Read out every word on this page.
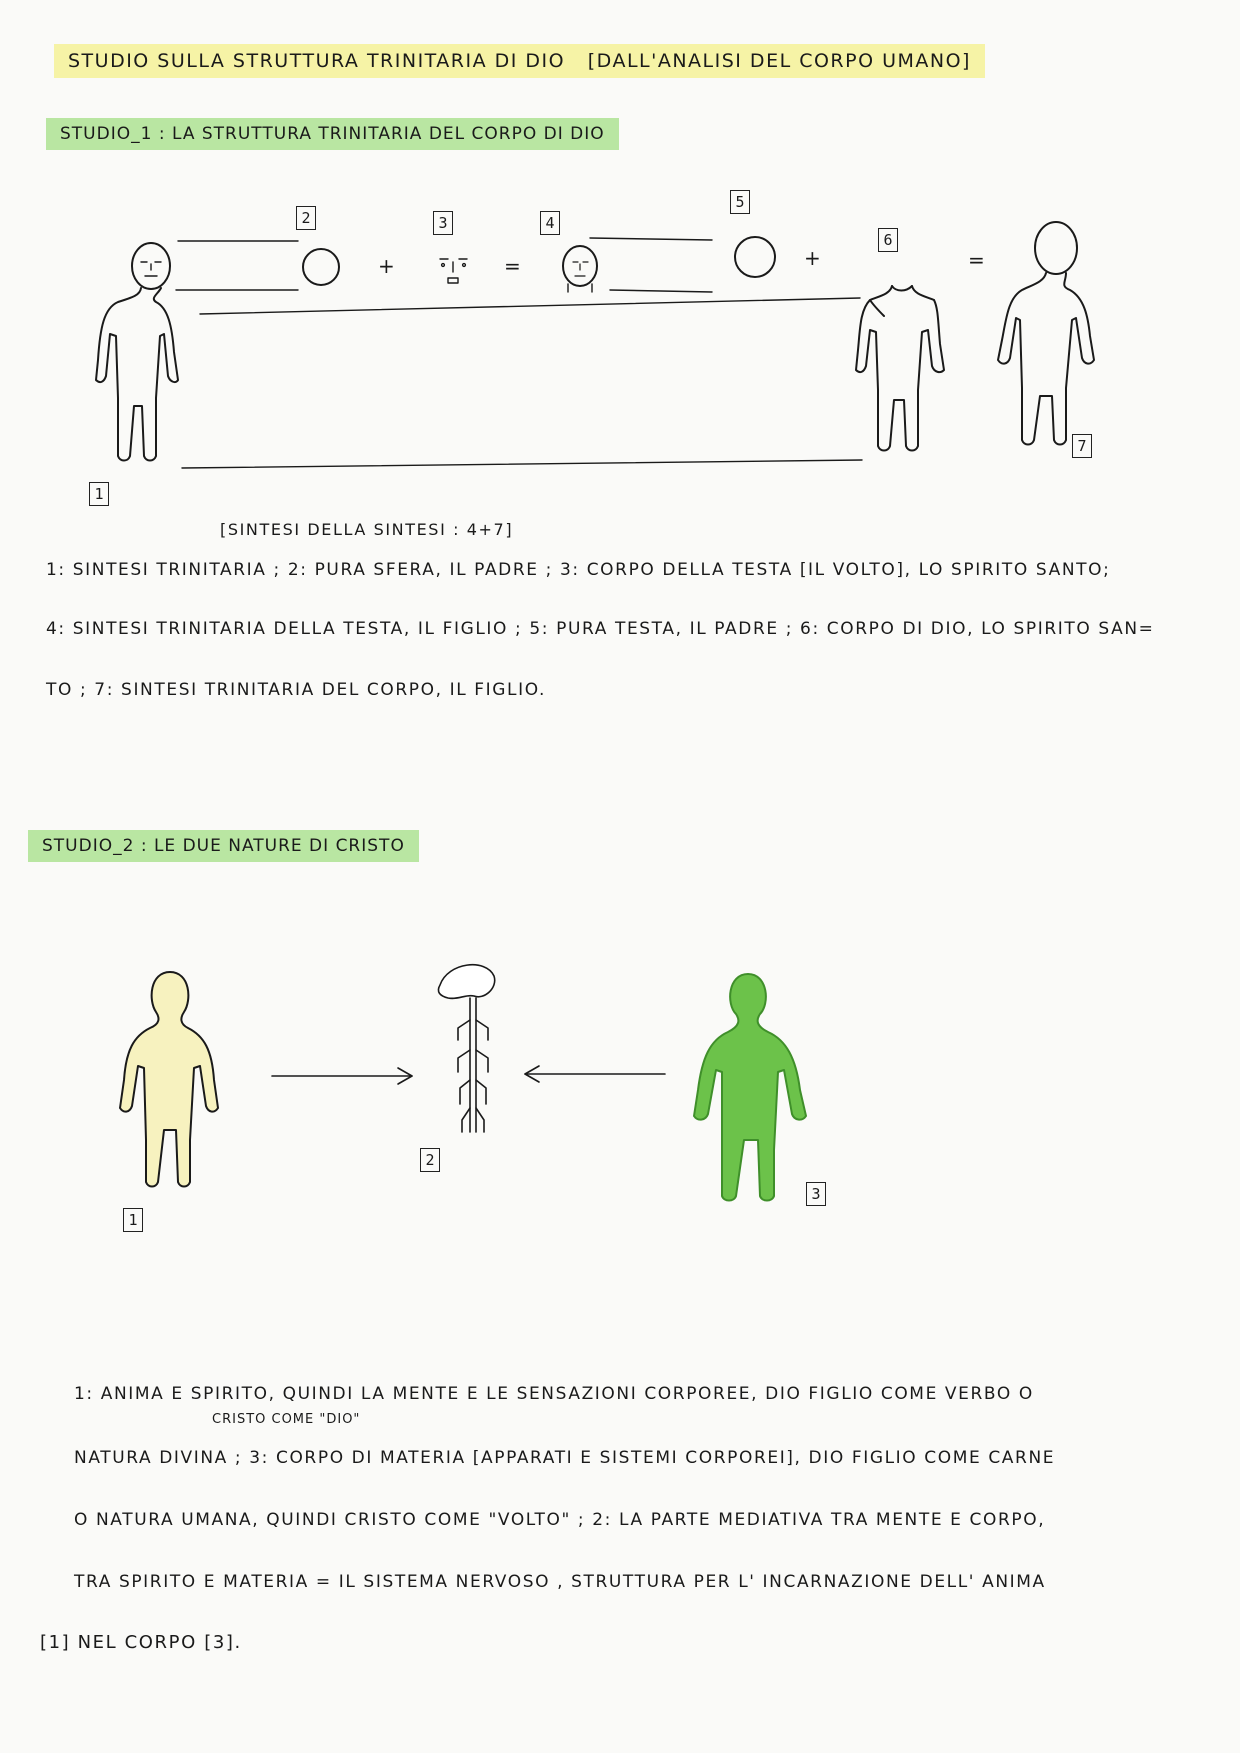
STUDIO SULLA STRUTTURA TRINITARIA DI DIO [DALL'ANALISI DEL CORPO UMANO]
STUDIO_1 : LA STRUTTURA TRINITARIA DEL CORPO DI DIO
1
2	3	4
5
6
7
+	=	+	=
[SINTESI DELLA SINTESI : 4+7]
1: SINTESI TRINITARIA ; 2: PURA SFERA, IL PADRE ; 3: CORPO DELLA TESTA [IL VOLTO], LO SPIRITO SANTO;
4: SINTESI TRINITARIA DELLA TESTA, IL FIGLIO ; 5: PURA TESTA, IL PADRE ; 6: CORPO DI DIO, LO SPIRITO SAN=
TO ; 7: SINTESI TRINITARIA DEL CORPO, IL FIGLIO.
STUDIO_2 : LE DUE NATURE DI CRISTO
1
2
3
1: ANIMA E SPIRITO, QUINDI LA MENTE E LE SENSAZIONI CORPOREE, DIO FIGLIO COME VERBO O
CRISTO COME "DIO"
NATURA DIVINA ; 3: CORPO DI MATERIA [APPARATI E SISTEMI CORPOREI], DIO FIGLIO COME CARNE
O NATURA UMANA, QUINDI CRISTO COME "VOLTO" ; 2: LA PARTE MEDIATIVA TRA MENTE E CORPO,
TRA SPIRITO E MATERIA = IL SISTEMA NERVOSO , STRUTTURA PER L' INCARNAZIONE DELL' ANIMA
[1] NEL CORPO [3].
